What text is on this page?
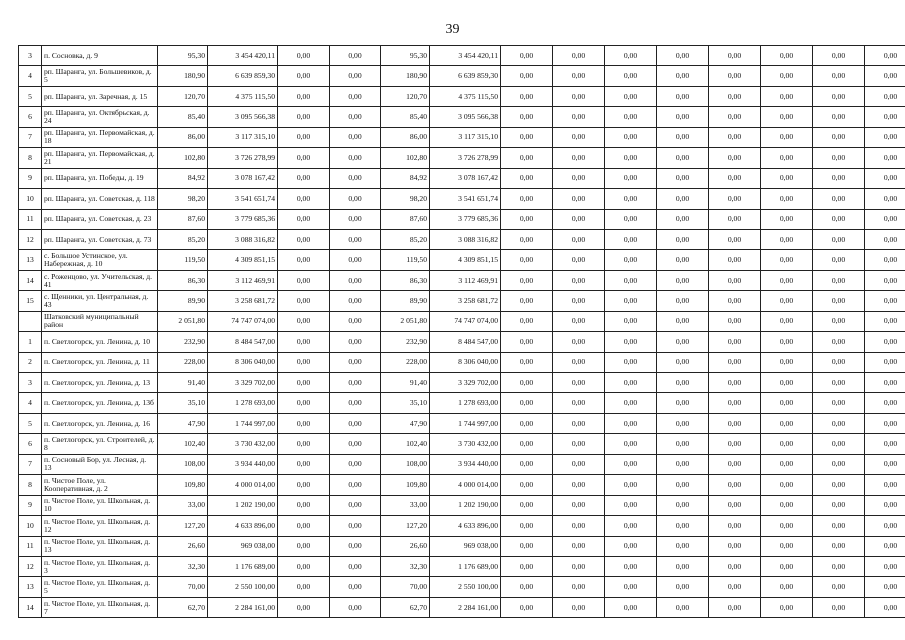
39
3	п. Сосновка, д. 9	95,30	3 454 420,11	0,00	0,00	95,30	3 454 420,11	0,00	0,00	0,00	0,00	0,00	0,00	0,00	0,00
4	рп. Шаранга, ул. Большевиков, д. 5	180,90	6 639 859,30	0,00	0,00	180,90	6 639 859,30	0,00	0,00	0,00	0,00	0,00	0,00	0,00	0,00
5	рп. Шаранга, ул. Заречная, д. 15	120,70	4 375 115,50	0,00	0,00	120,70	4 375 115,50	0,00	0,00	0,00	0,00	0,00	0,00	0,00	0,00
6	рп. Шаранга, ул. Октябрьская, д. 24	85,40	3 095 566,38	0,00	0,00	85,40	3 095 566,38	0,00	0,00	0,00	0,00	0,00	0,00	0,00	0,00
7	рп. Шаранга, ул. Первомайская, д. 18	86,00	3 117 315,10	0,00	0,00	86,00	3 117 315,10	0,00	0,00	0,00	0,00	0,00	0,00	0,00	0,00
8	рп. Шаранга, ул. Первомайская, д. 21	102,80	3 726 278,99	0,00	0,00	102,80	3 726 278,99	0,00	0,00	0,00	0,00	0,00	0,00	0,00	0,00
9	рп. Шаранга, ул. Победы, д. 19	84,92	3 078 167,42	0,00	0,00	84,92	3 078 167,42	0,00	0,00	0,00	0,00	0,00	0,00	0,00	0,00
10	рп. Шаранга, ул. Советская, д. 118	98,20	3 541 651,74	0,00	0,00	98,20	3 541 651,74	0,00	0,00	0,00	0,00	0,00	0,00	0,00	0,00
11	рп. Шаранга, ул. Советская, д. 23	87,60	3 779 685,36	0,00	0,00	87,60	3 779 685,36	0,00	0,00	0,00	0,00	0,00	0,00	0,00	0,00
12	рп. Шаранга, ул. Советская, д. 73	85,20	3 088 316,82	0,00	0,00	85,20	3 088 316,82	0,00	0,00	0,00	0,00	0,00	0,00	0,00	0,00
13	с. Большое Устинское, ул. Набережная, д. 10	119,50	4 309 851,15	0,00	0,00	119,50	4 309 851,15	0,00	0,00	0,00	0,00	0,00	0,00	0,00	0,00
14	с. Роженцово, ул. Учительская, д. 41	86,30	3 112 469,91	0,00	0,00	86,30	3 112 469,91	0,00	0,00	0,00	0,00	0,00	0,00	0,00	0,00
15	с. Щенники, ул. Центральная, д. 43	89,90	3 258 681,72	0,00	0,00	89,90	3 258 681,72	0,00	0,00	0,00	0,00	0,00	0,00	0,00	0,00
	Шатковский муниципальный район	2 051,80	74 747 074,00	0,00	0,00	2 051,80	74 747 074,00	0,00	0,00	0,00	0,00	0,00	0,00	0,00	0,00
1	п. Светлогорск, ул. Ленина, д. 10	232,90	8 484 547,00	0,00	0,00	232,90	8 484 547,00	0,00	0,00	0,00	0,00	0,00	0,00	0,00	0,00
2	п. Светлогорск, ул. Ленина, д. 11	228,00	8 306 040,00	0,00	0,00	228,00	8 306 040,00	0,00	0,00	0,00	0,00	0,00	0,00	0,00	0,00
3	п. Светлогорск, ул. Ленина, д. 13	91,40	3 329 702,00	0,00	0,00	91,40	3 329 702,00	0,00	0,00	0,00	0,00	0,00	0,00	0,00	0,00
4	п. Светлогорск, ул. Ленина, д. 13б	35,10	1 278 693,00	0,00	0,00	35,10	1 278 693,00	0,00	0,00	0,00	0,00	0,00	0,00	0,00	0,00
5	п. Светлогорск, ул. Ленина, д. 16	47,90	1 744 997,00	0,00	0,00	47,90	1 744 997,00	0,00	0,00	0,00	0,00	0,00	0,00	0,00	0,00
6	п. Светлогорск, ул. Строителей, д. 8	102,40	3 730 432,00	0,00	0,00	102,40	3 730 432,00	0,00	0,00	0,00	0,00	0,00	0,00	0,00	0,00
7	п. Сосновый Бор, ул. Лесная, д. 13	108,00	3 934 440,00	0,00	0,00	108,00	3 934 440,00	0,00	0,00	0,00	0,00	0,00	0,00	0,00	0,00
8	п. Чистое Поле, ул. Кооперативная, д. 2	109,80	4 000 014,00	0,00	0,00	109,80	4 000 014,00	0,00	0,00	0,00	0,00	0,00	0,00	0,00	0,00
9	п. Чистое Поле, ул. Школьная, д. 10	33,00	1 202 190,00	0,00	0,00	33,00	1 202 190,00	0,00	0,00	0,00	0,00	0,00	0,00	0,00	0,00
10	п. Чистое Поле, ул. Школьная, д. 12	127,20	4 633 896,00	0,00	0,00	127,20	4 633 896,00	0,00	0,00	0,00	0,00	0,00	0,00	0,00	0,00
11	п. Чистое Поле, ул. Школьная, д. 13	26,60	969 038,00	0,00	0,00	26,60	969 038,00	0,00	0,00	0,00	0,00	0,00	0,00	0,00	0,00
12	п. Чистое Поле, ул. Школьная, д. 3	32,30	1 176 689,00	0,00	0,00	32,30	1 176 689,00	0,00	0,00	0,00	0,00	0,00	0,00	0,00	0,00
13	п. Чистое Поле, ул. Школьная, д. 5	70,00	2 550 100,00	0,00	0,00	70,00	2 550 100,00	0,00	0,00	0,00	0,00	0,00	0,00	0,00	0,00
14	п. Чистое Поле, ул. Школьная, д. 7	62,70	2 284 161,00	0,00	0,00	62,70	2 284 161,00	0,00	0,00	0,00	0,00	0,00	0,00	0,00	0,00
